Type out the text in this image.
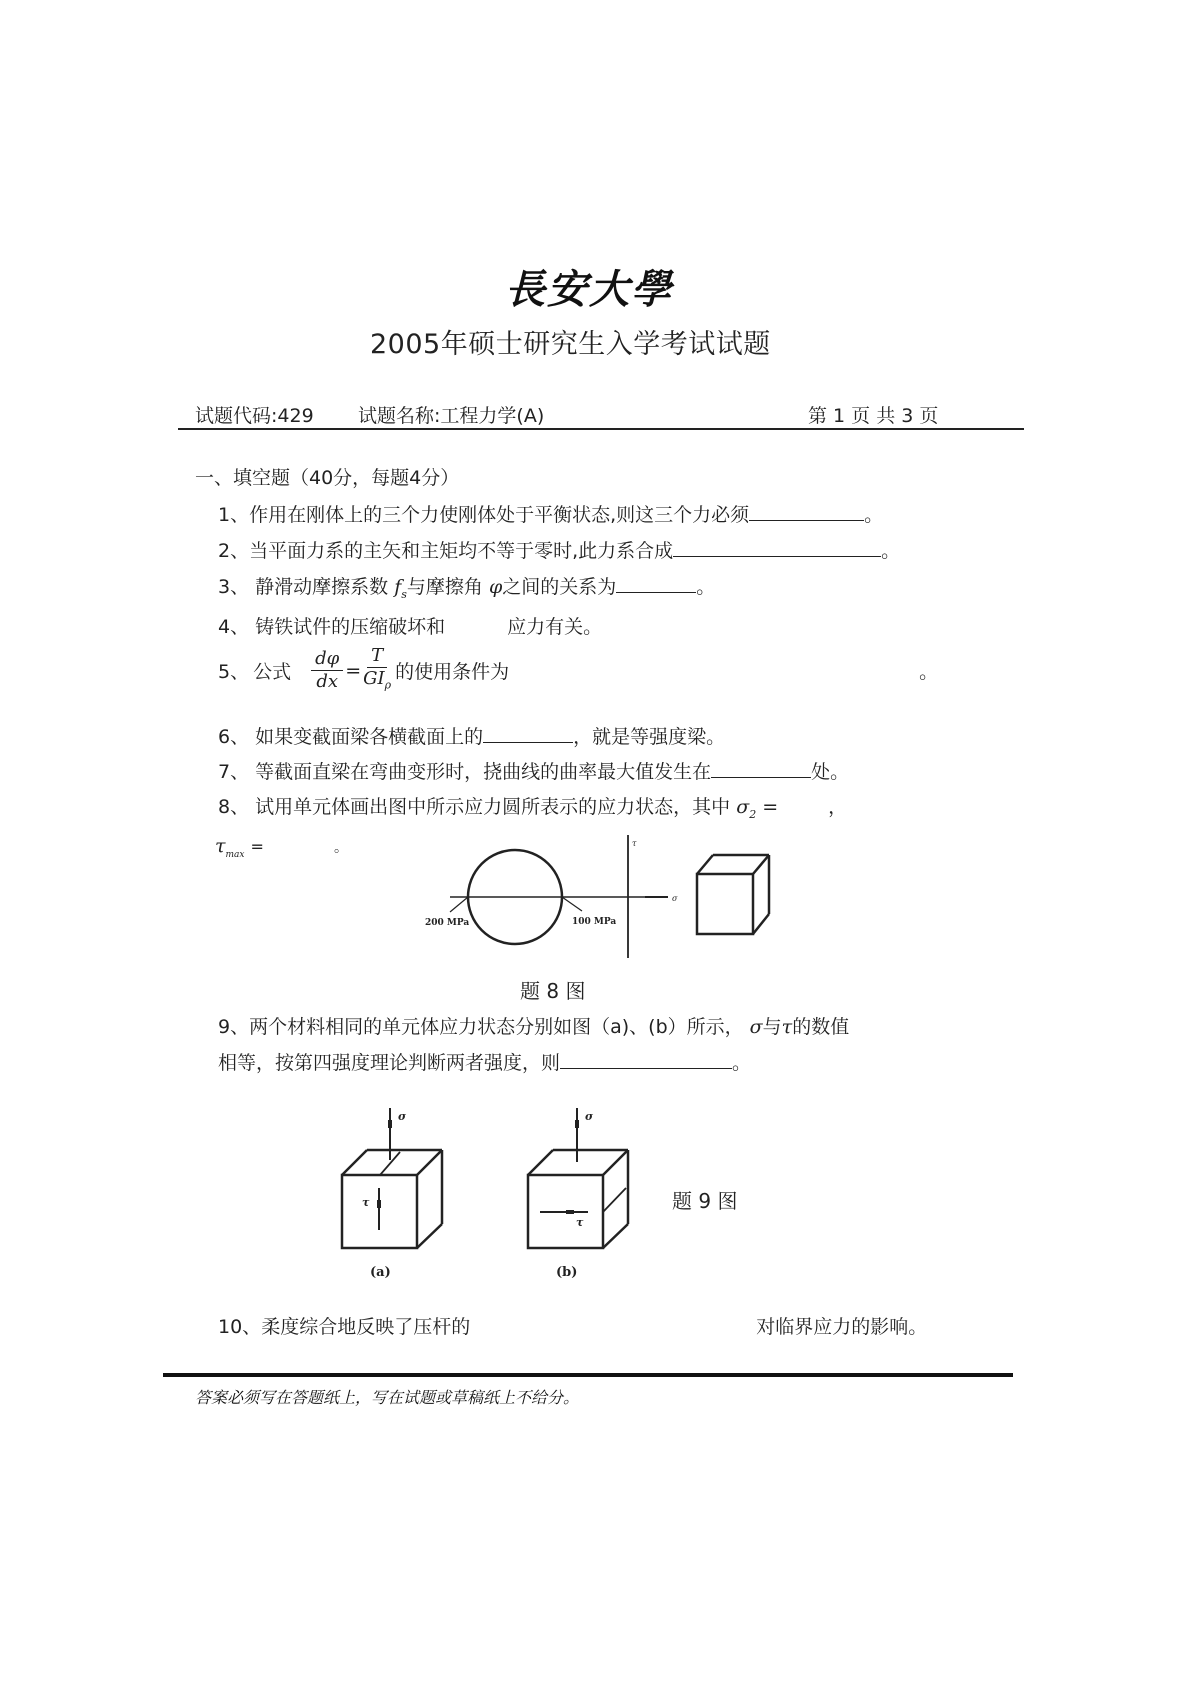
長安大學
2005年硕士研究生入学考试试题
试题代码:429 试题名称:工程力学(A)	第 1 页 共 3 页
一、填空题（40分，每题4分）
1、作用在刚体上的三个力使刚体处于平衡状态,则这三个力必须	。
2、当平面力系的主矢和主矩均不等于零时,此力系合成	。
3、 静滑动摩擦系数 $f_s$与摩擦角 φ之间的关系为	。
4、 铸铁试件的压缩破坏和	应力有关。
5、 公式 $\frac{d\varphi}{dx} = \frac{T}{GI_\rho}$ 的使用条件为	。
6、 如果变截面梁各横截面上的	，就是等强度梁。
7、 等截面直梁在弯曲变形时，挠曲线的曲率最大值发生在	处。
8、 试用单元体画出图中所示应力圆所表示的应力状态，其中 $\sigma_2$ =	，
$\tau_{max}$ =	。
σ
τ
200 MPa	100 MPa
题 8 图
9、两个材料相同的单元体应力状态分别如图（a)、(b）所示， σ与τ的数值
相等，按第四强度理论判断两者强度，则	。
σ
τ
(a)
σ
τ
(b)
题 9 图
10、柔度综合地反映了压杆的	对临界应力的影响。
答案必须写在答题纸上，写在试题或草稿纸上不给分。
